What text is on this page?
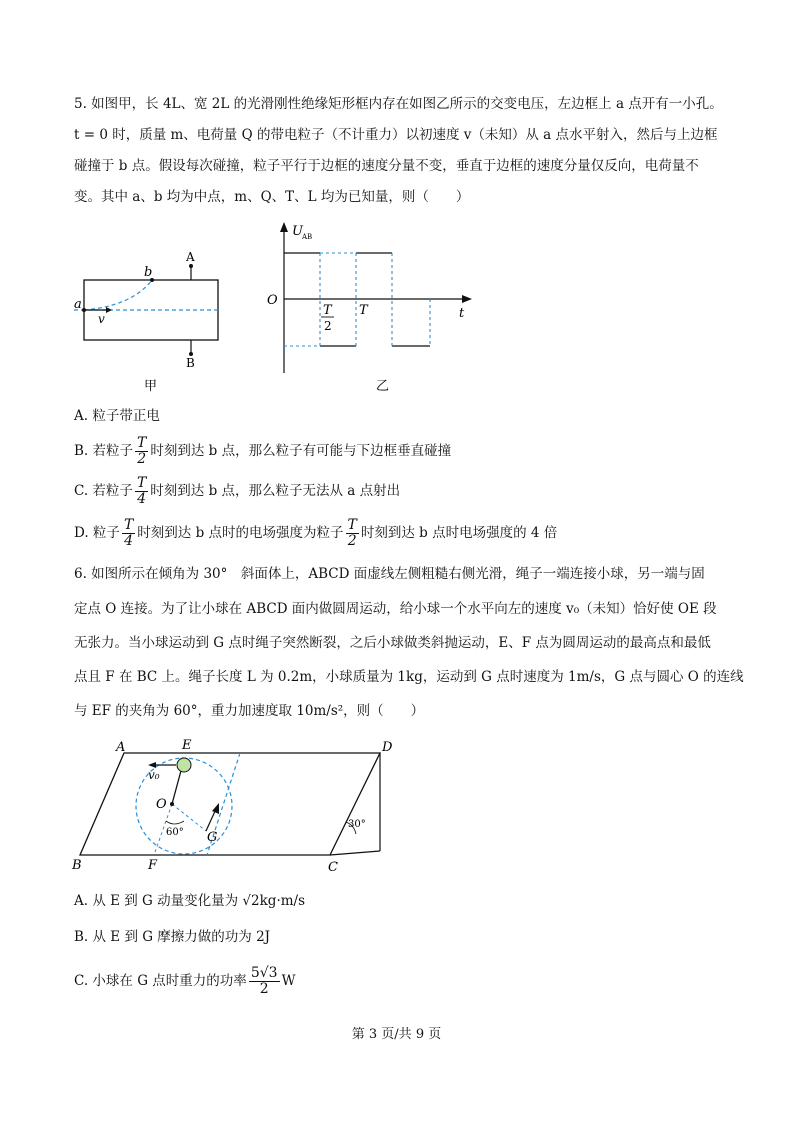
5. 如图甲，长 4L、宽 2L 的光滑刚性绝缘矩形框内存在如图乙所示的交变电压，左边框上 a 点开有一小孔。
t = 0 时，质量 m、电荷量 Q 的带电粒子（不计重力）以初速度 v（未知）从 a 点水平射入，然后与上边框
碰撞于 b 点。假设每次碰撞，粒子平行于边框的速度分量不变，垂直于边框的速度分量仅反向，电荷量不
变。其中 a、b 均为中点，m、Q、T、L 均为已知量，则（　　）
b
A
a
v
B
甲
U AB
O
t
T
T
2
乙
A. 粒子带正电
B. 若粒子 $\frac{T}{2}$ 时刻到达 b 点，那么粒子有可能与下边框垂直碰撞
C. 若粒子 $\frac{T}{4}$ 时刻到达 b 点，那么粒子无法从 a 点射出
D. 粒子 $\frac{T}{4}$ 时刻到达 b 点时的电场强度为粒子 $\frac{T}{2}$ 时刻到达 b 点时电场强度的 4 倍
6. 如图所示在倾角为 30°　斜面体上，ABCD 面虚线左侧粗糙右侧光滑，绳子一端连接小球，另一端与固
定点 O 连接。为了让小球在 ABCD 面内做圆周运动，给小球一个水平向左的速度 v₀（未知）恰好使 OE 段
无张力。当小球运动到 G 点时绳子突然断裂，之后小球做类斜抛运动，E、F 点为圆周运动的最高点和最低
点且 F 在 BC 上。绳子长度 L 为 0.2m，小球质量为 1kg，运动到 G 点时速度为 1m/s，G 点与圆心 O 的连线
与 EF 的夹角为 60°，重力加速度取 10m/s²，则（　　）
A	E	D
v₀
O
60° G
30°
B	F	C
A. 从 E 到 G 动量变化量为 √2kg·m/s
B. 从 E 到 G 摩擦力做的功为 2J
C. 小球在 G 点时重力的功率 $\frac{5√3}{2}$ W
第 3 页/共 9 页
